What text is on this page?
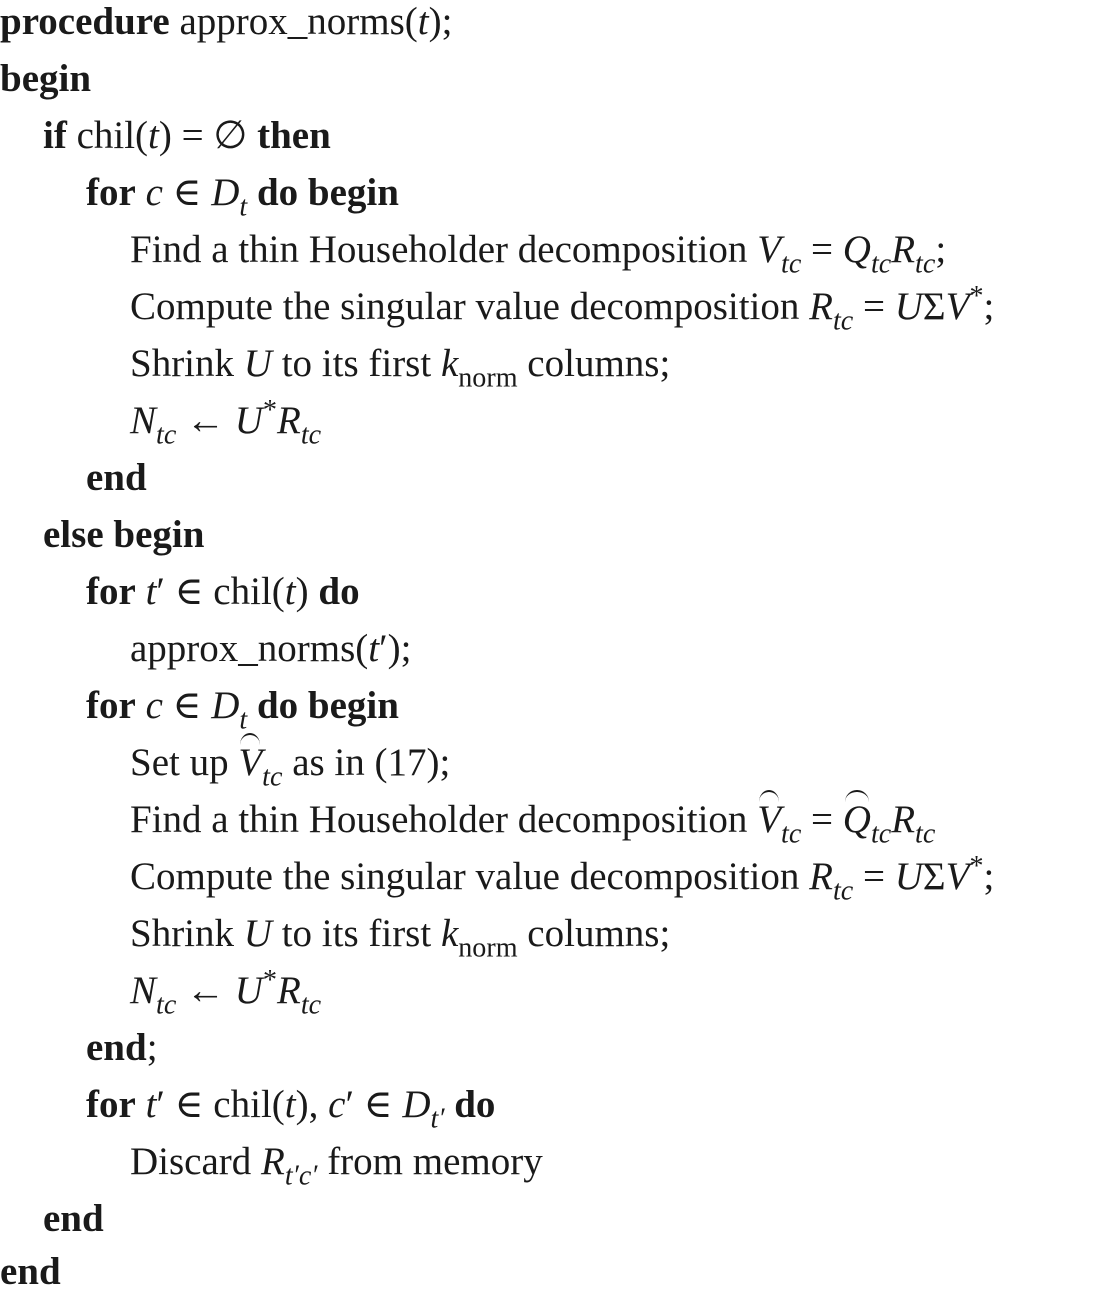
procedure approx_norms(t);
begin
if chil(t) = ∅ then
for c ∈ $D_t$ do begin
Find a thin Householder decomposition $V_{tc} = Q_{tc}R_{tc}$;
Compute the singular value decomposition $R_{tc} = U\Sigma V^*$;
Shrink U to its first $k_{norm}$ columns;
$N_{tc}$ ← $U^*R_{tc}$
end
else begin
for t′ ∈ chil(t) do
approx_norms(t′);
for c ∈ $D_t$ do begin
Set up $V_{tc}$ as in (17);
Find a thin Householder decomposition $V_{tc} = Q_{tc}R_{tc}$
Compute the singular value decomposition $R_{tc} = U\Sigma V^*$;
Shrink U to its first $k_{norm}$ columns;
$N_{tc}$ ← $U^*R_{tc}$
end;
for t′ ∈ chil(t), c′ ∈ $D_{t'}$ do
Discard $R_{t'c'}$ from memory
end
end
